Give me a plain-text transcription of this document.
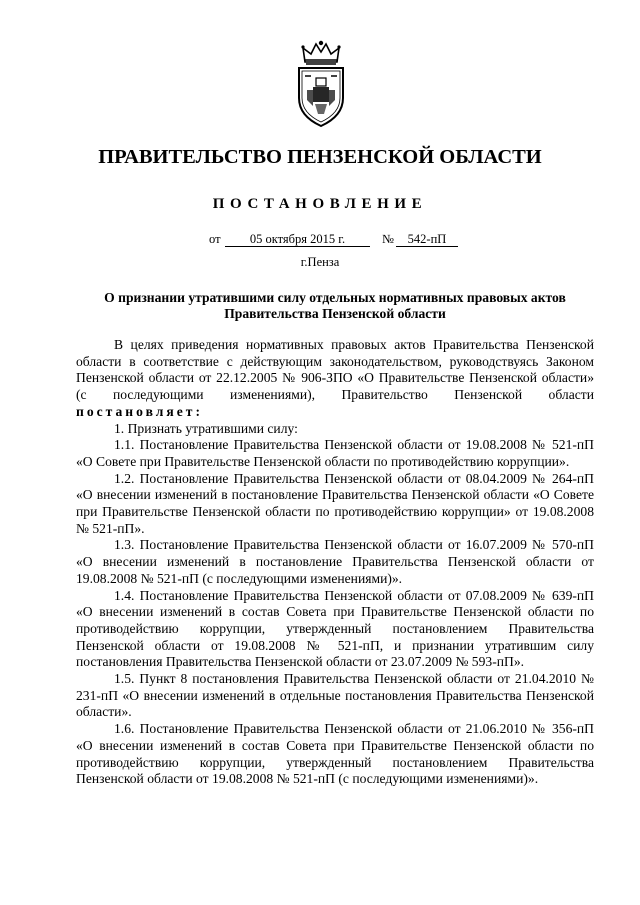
ПРАВИТЕЛЬСТВО ПЕНЗЕНСКОЙ ОБЛАСТИ
ПОСТАНОВЛЕНИЕ
от	05 октября 2015 г.	№	542-пП
г.Пенза
О признании утратившими силу отдельных нормативных правовых актов
Правительства Пензенской области

В целях приведения нормативных правовых актов Правительства Пензенской области в соответствие с действующим законодательством, руководствуясь Законом Пензенской области от 22.12.2005 № 906-ЗПО «О Правительстве Пензенской области» (с последующими изменениями), Правительство Пензенской области постановляет:

1. Признать утратившими силу:

1.1. Постановление Правительства Пензенской области от 19.08.2008 № 521-пП «О Совете при Правительстве Пензенской области по противодействию коррупции».

1.2. Постановление Правительства Пензенской области от 08.04.2009 № 264-пП «О внесении изменений в постановление Правительства Пензенской области «О Совете при Правительстве Пензенской области по противодействию коррупции» от 19.08.2008 № 521-пП».

1.3. Постановление Правительства Пензенской области от 16.07.2009 № 570-пП «О внесении изменений в постановление Правительства Пензенской области от 19.08.2008 № 521-пП (с последующими изменениями)».

1.4. Постановление Правительства Пензенской области от 07.08.2009 № 639-пП «О внесении изменений в состав Совета при Правительстве Пензенской области по противодействию коррупции, утвержденный постановлением Правительства Пензенской области от 19.08.2008 № 521-пП, и признании утратившим силу постановления Правительства Пензенской области от 23.07.2009 № 593-пП».

1.5. Пункт 8 постановления Правительства Пензенской области от 21.04.2010 № 231-пП «О внесении изменений в отдельные постановления Правительства Пензенской области».

1.6. Постановление Правительства Пензенской области от 21.06.2010 № 356-пП «О внесении изменений в состав Совета при Правительстве Пензенской области по противодействию коррупции, утвержденный постановлением Правительства Пензенской области от 19.08.2008 № 521-пП (с последующими изменениями)».
